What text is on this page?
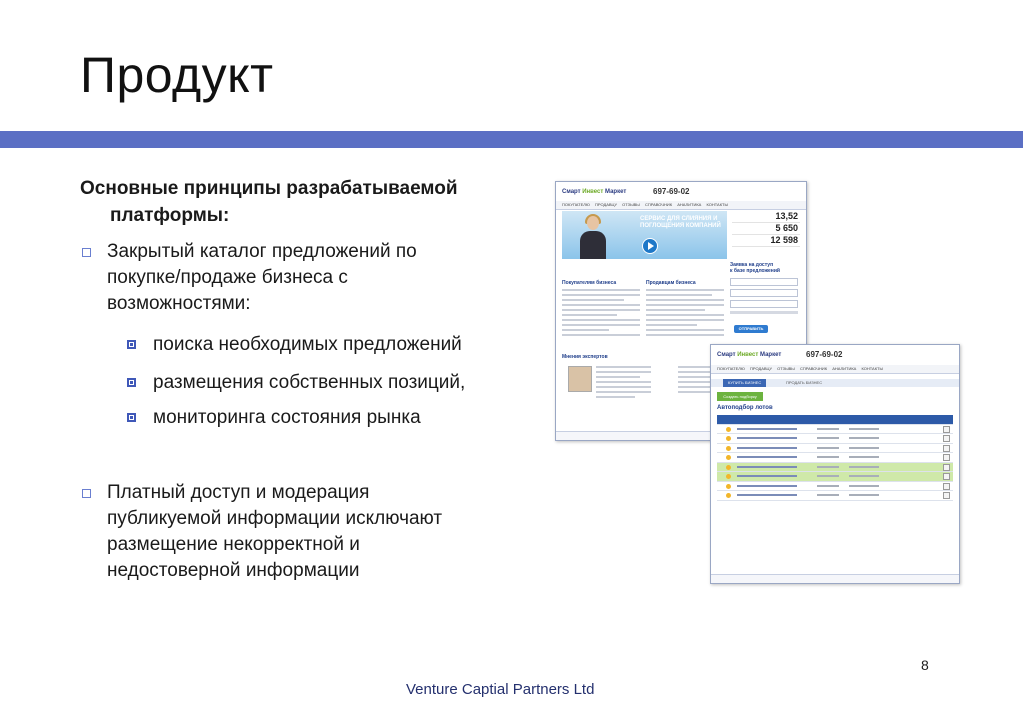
Продукт
Основные принципы разрабатываемой
платформы:
Закрытый каталог предложений по
покупке/продаже бизнеса с
возможностями:
поиска необходимых предложений
размещения собственных позиций,
мониторинга состояния рынка
Платный доступ и модерация
публикуемой информации исключают
размещение некорректной и
недостоверной информации
Смарт Инвест Маркет	697-69-02
ПОКУПАТЕЛЮ ПРОДАВЦУ ОТЗЫВЫ СПРАВОЧНИК АНАЛИТИКА КОНТАКТЫ
СЕРВИС ДЛЯ СЛИЯНИЯ И
ПОГЛОЩЕНИЯ КОМПАНИЙ
13,52
5 650
12 598
Покупателям бизнеса	Продавцам бизнеса
Заявка на доступ
к базе предложений
ОТПРАВИТЬ
Мнения экспертов	Смарт Инвест Маркет	697-69-02
ПОКУПАТЕЛЮ ПРОДАВЦУ ОТЗЫВЫ СПРАВОЧНИК АНАЛИТИКА КОНТАКТЫ
КУПИТЬ БИЗНЕС	ПРОДАТЬ БИЗНЕС
Создать подборку
Автоподбор лотов
8
Venture Captial Partners Ltd
